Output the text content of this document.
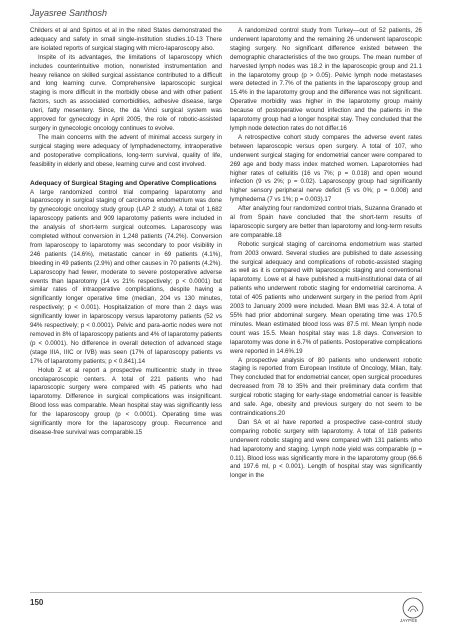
Jayasree Santhosh

Childers et al and Spirtos et al in the nited States demonstrated the adequacy and safety in small single-institution studies.10-13 There are isolated reports of surgical staging with micro-laparoscopy also.

Inspite of its advantages, the limitations of laparoscopy which includes counterintuitive motion, nonwristed instrumentation and heavy reliance on skilled surgical assistance contributed to a difficult and long learning curve. Comprehensive laparoscopic surgical staging is more difficult in the morbidly obese and with other patient factors, such as associated comorbidities, adhesive disease, large uteri, fatty mesentery. Since, the da Vinci surgical system was approved for gynecology in April 2005, the role of robotic-assisted surgery in gynecologic oncology continues to evolve.

The main concerns with the advent of minimal access surgery in surgical staging were adequacy of lymphadenectomy, intraoperative and postoperative complications, long-term survival, quality of life, feasibility in elderly and obese, learning curve and cost involved.

Adequacy of Surgical Staging and Operative Complications

A large randomized control trial comparing laparotomy and laparoscopy in surgical staging of carcinoma endometrium was done by gynecologic oncology study group (LAP 2 study). A total of 1,682 laparoscopy patients and 909 laparotomy patients were included in the analysis of short-term surgical outcomes. Laparoscopy was completed without conversion in 1,248 patients (74.2%). Conversion from laparoscopy to laparotomy was secondary to poor visibility in 246 patients (14.6%), metastatic cancer in 69 patients (4.1%), bleeding in 49 patients (2.9%) and other causes in 70 patients (4.2%). Laparoscopy had fewer, moderate to severe postoperative adverse events than laparotomy (14 vs 21% respectively; p < 0.0001) but similar rates of intraoperative complications, despite having a significantly longer operative time (median, 204 vs 130 minutes, respectively; p < 0.001). Hospitalization of more than 2 days was significantly lower in laparoscopy versus laparotomy patients (52 vs 94% respectively; p < 0.0001). Pelvic and para-aortic nodes were not removed in 8% of laparoscopy patients and 4% of laparotomy patients (p < 0.0001). No difference in overall detection of advanced stage (stage IIIA, IIIC or IVB) was seen (17% of laparoscopy patients vs 17% of laparotomy patients; p < 0.841).14

Holub Z et al report a prospective multicentric study in three oncolaparoscopic centers. A total of 221 patients who had laparoscopic surgery were compared with 45 patients who had laparotomy. Difference in surgical complications was insignificant. Blood loss was comparable. Mean hospital stay was significantly less for the laparoscopy group (p < 0.0001). Operating time was significantly more for the laparoscopy group. Recurrence and disease-free survival was comparable.15

A randomized control study from Turkey—out of 52 patients, 26 underwent laparotomy and the remaining 26 underwent laparoscopic staging surgery. No significant difference existed between the demographic characteristics of the two groups. The mean number of harvested lymph nodes was 18.2 in the laparoscopic group and 21.1 in the laparotomy group (p > 0.05). Pelvic lymph node metastases were detected in 7.7% of the patients in the laparoscopy group and 15.4% in the laparotomy group and the difference was not significant. Operative morbidity was higher in the laparotomy group mainly because of postoperative wound infection and the patients in the laparotomy group had a longer hospital stay. They concluded that the lymph node detection rates do not differ.16

A retrospective cohort study compares the adverse event rates between laparoscopic versus open surgery. A total of 107, who underwent surgical staging for endometrial cancer were compared to 269 age and body mass index matched women. Laparotomies had higher rates of cellulitis (16 vs 7%; p = 0.018) and open wound infection (9 vs 2%; p = 0.02). Laparoscopy group had significantly higher sensory peripheral nerve deficit (5 vs 0%; p = 0.008) and lymphedema (7 vs 1%; p = 0.003).17

After analyzing four randomized control trials, Suzanna Granado et al from Spain have concluded that the short-term results of laparoscopic surgery are better than laparotomy and long-term results are comparable.18

Robotic surgical staging of carcinoma endometrium was started from 2003 onward. Several studies are published to date assessing the surgical adequacy and complications of robotic-assisted staging as well as it is compared with laparoscopic staging and conventional laparotomy. Lowe et al have published a multi-institutional data of all patients who underwent robotic staging for endometrial carcinoma. A total of 405 patients who underwent surgery in the period from April 2003 to January 2009 were included. Mean BMI was 32.4. A total of 55% had prior abdominal surgery. Mean operating time was 170.5 minutes. Mean estimated blood loss was 87.5 ml. Mean lymph node count was 15.5. Mean hospital stay was 1.8 days. Conversion to laparotomy was done in 6.7% of patients. Postoperative complications were reported in 14.6%.19

A prospective analysis of 80 patients who underwent robotic staging is reported from European Institute of Oncology, Milan, Italy. They concluded that for endometrial cancer, open surgical procedures decreased from 78 to 35% and their preliminary data confirm that surgical robotic staging for early-stage endometrial cancer is feasible and safe. Age, obesity and previous surgery do not seem to be contraindications.20

Dan SA et al have reported a prospective case-control study comparing robotic surgery with laparotomy. A total of 118 patients underwent robotic staging and were compared with 131 patients who had laparotomy and staging. Lymph node yield was comparable (p = 0.11). Blood loss was significantly more in the laparotomy group (66.6 and 197.6 ml, p < 0.001). Length of hospital stay was significantly longer in the

150
JAYPEE
